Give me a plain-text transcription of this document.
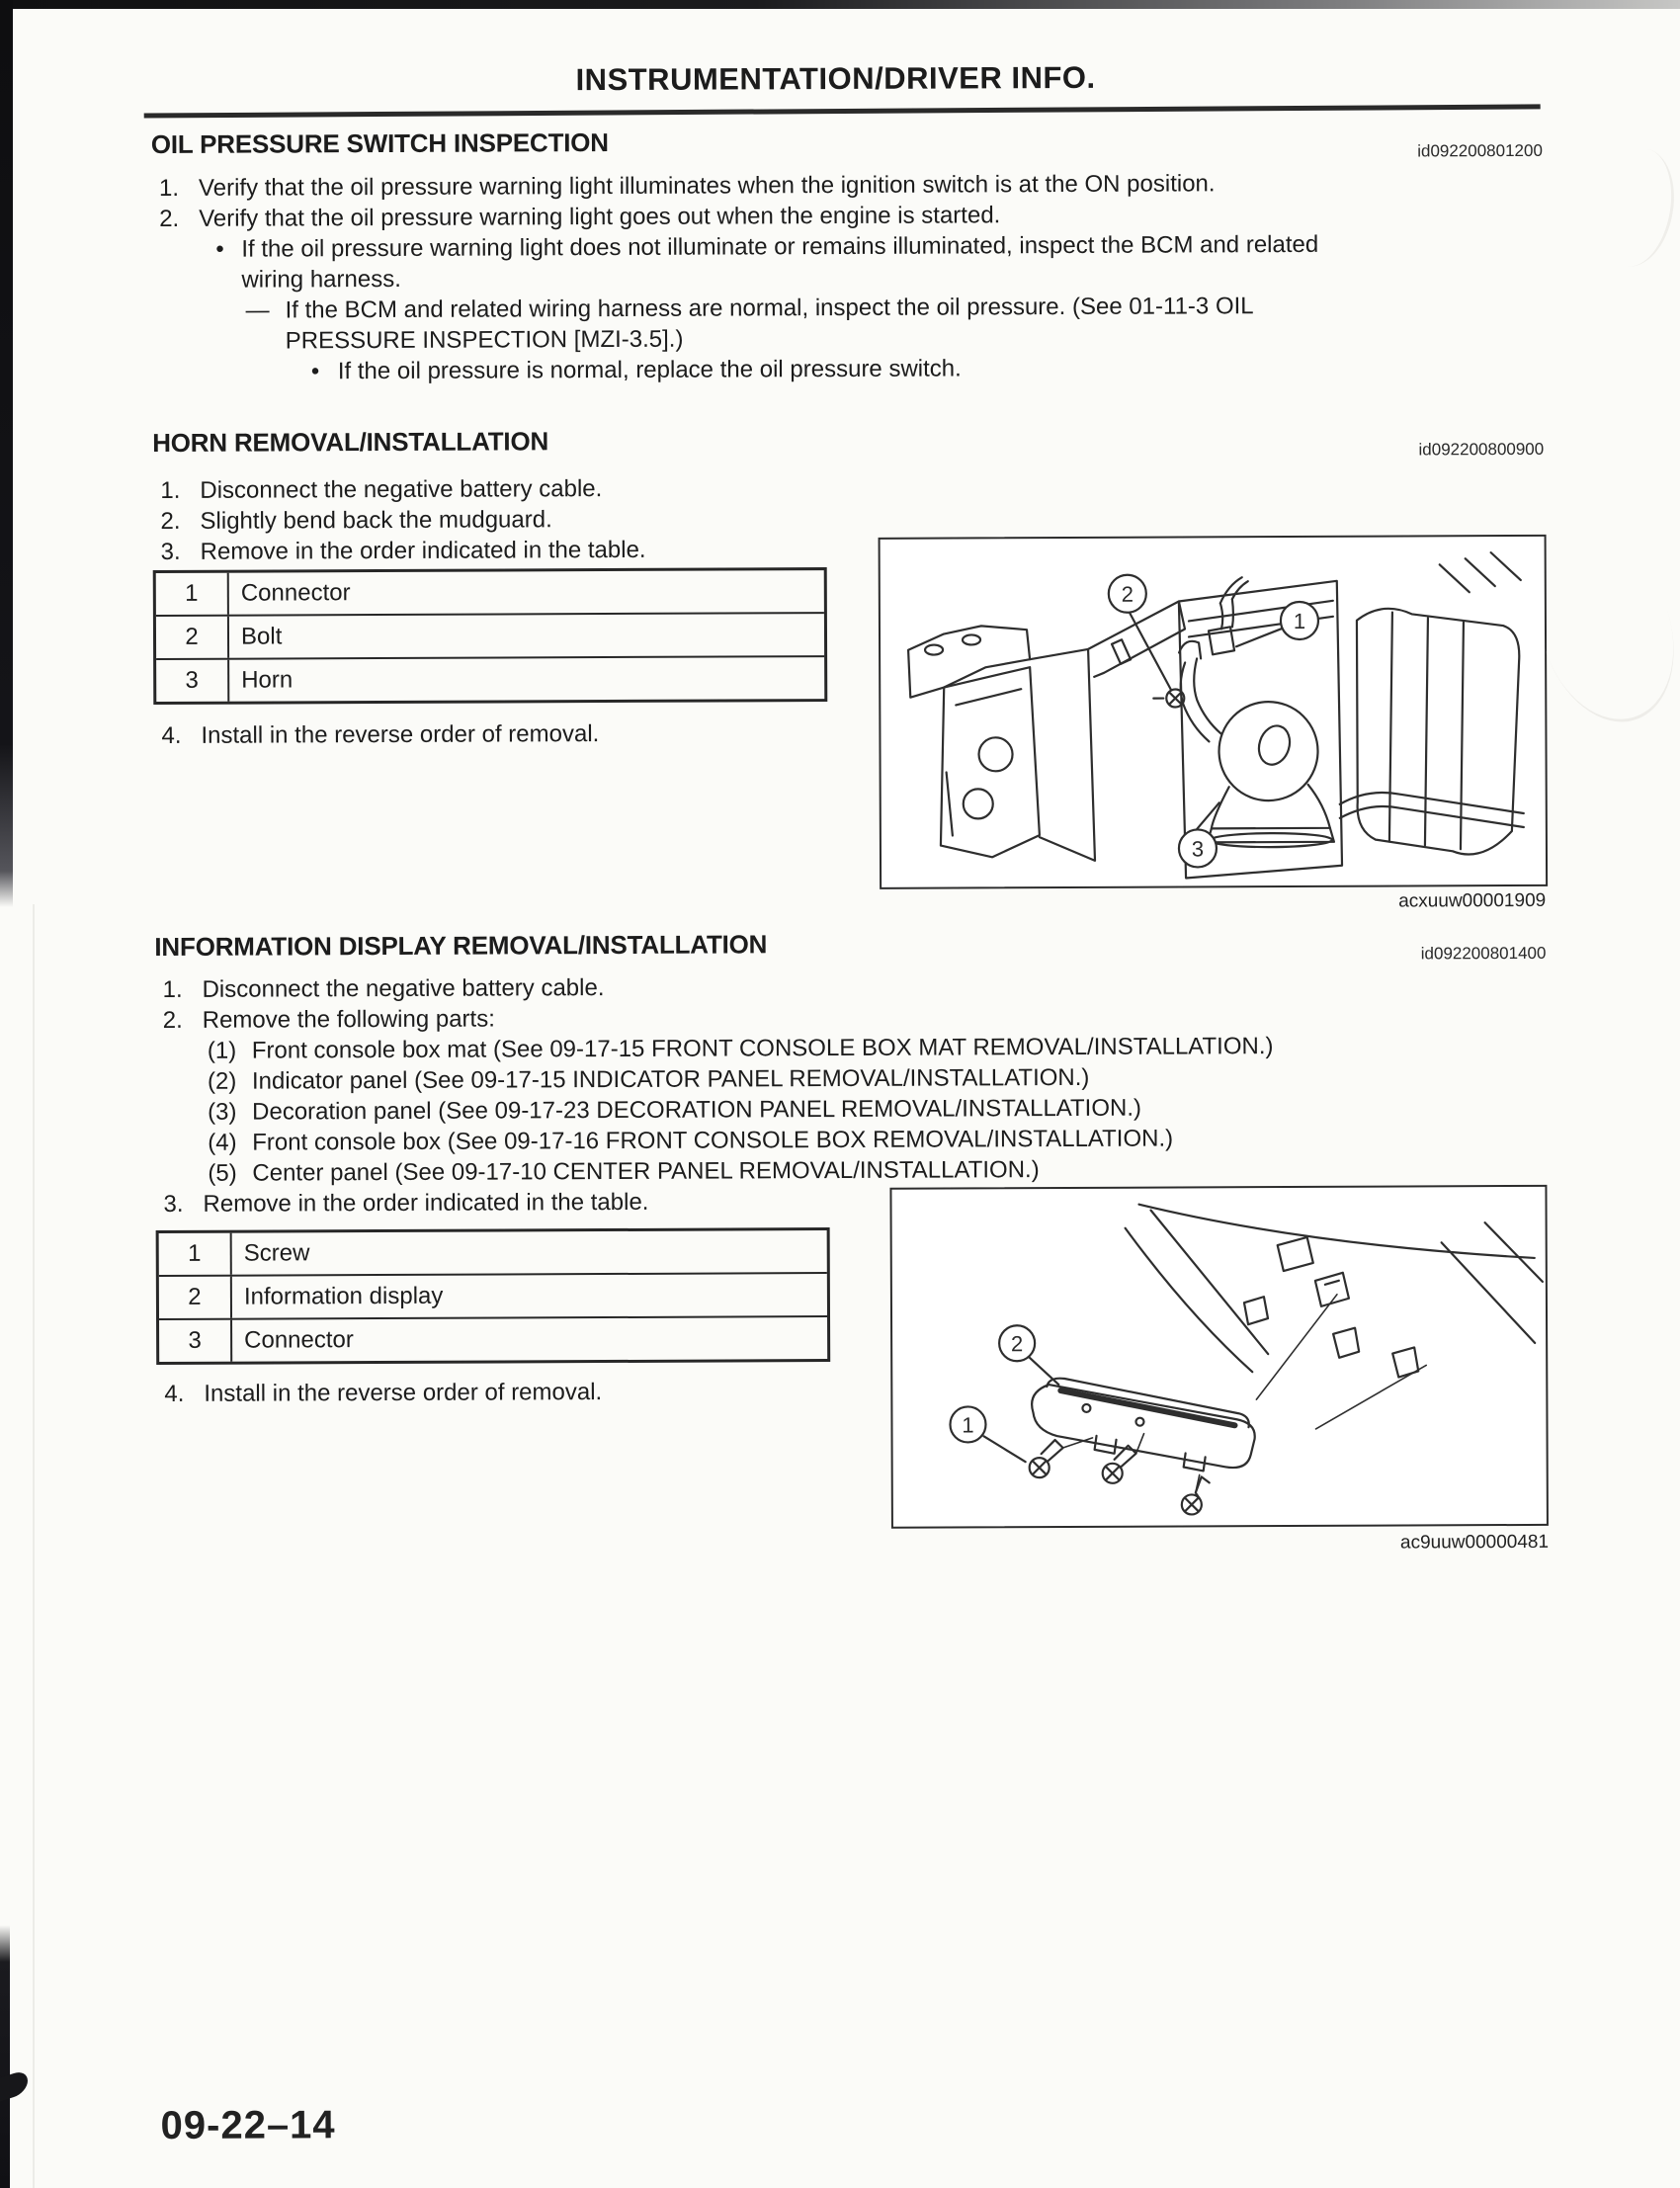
INSTRUMENTATION/DRIVER INFO.
OIL PRESSURE SWITCH INSPECTION	id092200801200
1. Verify that the oil pressure warning light illuminates when the ignition switch is at the ON position.
2. Verify that the oil pressure warning light goes out when the engine is started.
• If the oil pressure warning light does not illuminate or remains illuminated, inspect the BCM and related
wiring harness.
— If the BCM and related wiring harness are normal, inspect the oil pressure. (See 01-11-3 OIL
PRESSURE INSPECTION [MZI-3.5].)
• If the oil pressure is normal, replace the oil pressure switch.
HORN REMOVAL/INSTALLATION	id092200800900
1. Disconnect the negative battery cable.
2. Slightly bend back the mudguard.
3. Remove in the order indicated in the table.
1	Connector
2	Bolt
3	Horn
4. Install in the reverse order of removal.
2
1
3
acxuuw00001909
INFORMATION DISPLAY REMOVAL/INSTALLATION	id092200801400
1. Disconnect the negative battery cable.
2. Remove the following parts:
(1) Front console box mat (See 09-17-15 FRONT CONSOLE BOX MAT REMOVAL/INSTALLATION.)
(2) Indicator panel (See 09-17-15 INDICATOR PANEL REMOVAL/INSTALLATION.)
(3) Decoration panel (See 09-17-23 DECORATION PANEL REMOVAL/INSTALLATION.)
(4) Front console box (See 09-17-16 FRONT CONSOLE BOX REMOVAL/INSTALLATION.)
(5) Center panel (See 09-17-10 CENTER PANEL REMOVAL/INSTALLATION.)
3. Remove in the order indicated in the table.
1	Screw
2	Information display
3	Connector
4. Install in the reverse order of removal.
2
1
ac9uuw00000481
09-22–14
